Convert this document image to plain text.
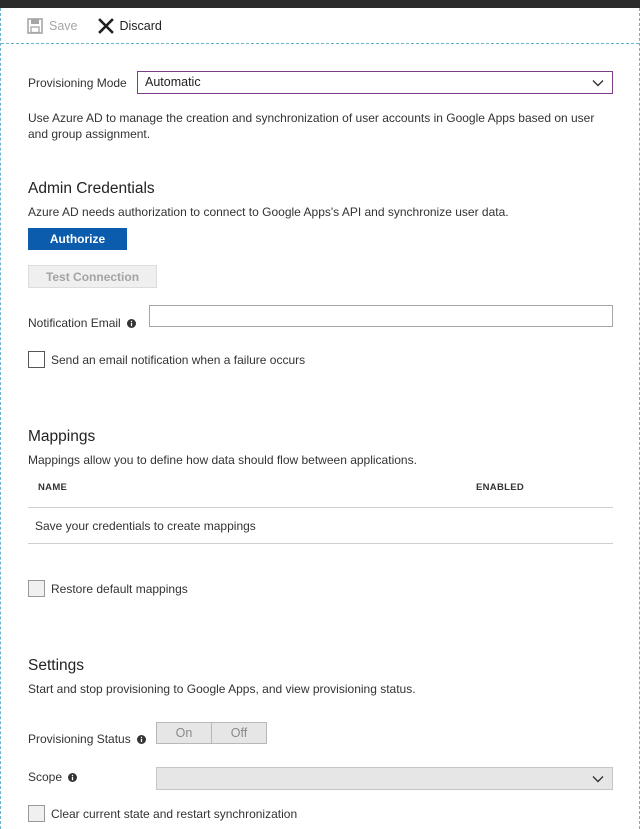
Save	Discard
Provisioning Mode	Automatic
Use Azure AD to manage the creation and synchronization of user accounts in Google Apps based on user and group assignment.
Admin Credentials
Azure AD needs authorization to connect to Google Apps's API and synchronize user data.
Authorize
Test Connection
Notification Email
Send an email notification when a failure occurs
Mappings
Mappings allow you to define how data should flow between applications.
NAME	ENABLED
Save your credentials to create mappings
Restore default mappings
Settings
Start and stop provisioning to Google Apps, and view provisioning status.
Provisioning Status	On	Off
Scope
Clear current state and restart synchronization
